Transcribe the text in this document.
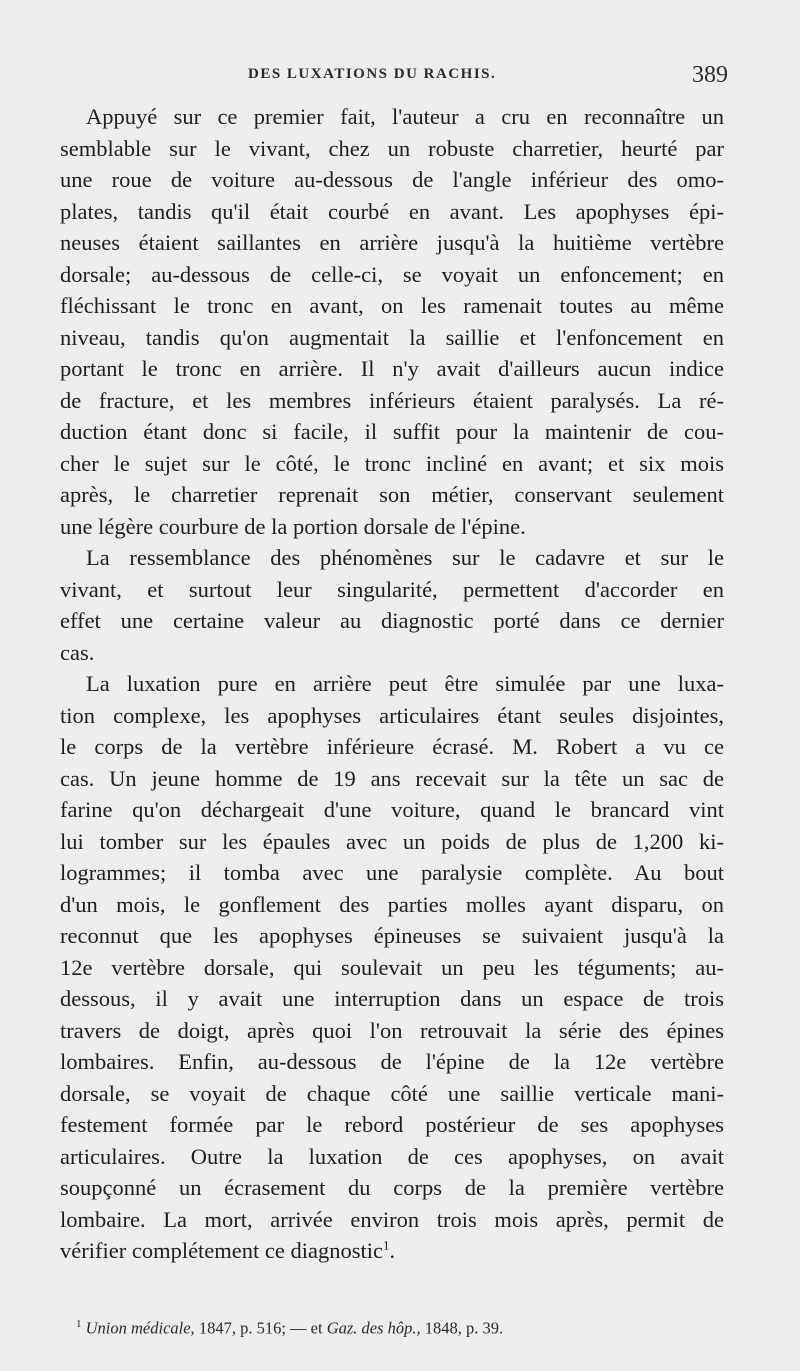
DES LUXATIONS DU RACHIS.	389
Appuyé sur ce premier fait, l'auteur a cru en reconnaître un
semblable sur le vivant, chez un robuste charretier, heurté par
une roue de voiture au-dessous de l'angle inférieur des omo-
plates, tandis qu'il était courbé en avant. Les apophyses épi-
neuses étaient saillantes en arrière jusqu'à la huitième vertèbre
dorsale; au-dessous de celle-ci, se voyait un enfoncement; en
fléchissant le tronc en avant, on les ramenait toutes au même
niveau, tandis qu'on augmentait la saillie et l'enfoncement en
portant le tronc en arrière. Il n'y avait d'ailleurs aucun indice
de fracture, et les membres inférieurs étaient paralysés. La ré-
duction étant donc si facile, il suffit pour la maintenir de cou-
cher le sujet sur le côté, le tronc incliné en avant; et six mois
après, le charretier reprenait son métier, conservant seulement
une légère courbure de la portion dorsale de l'épine.
La ressemblance des phénomènes sur le cadavre et sur le
vivant, et surtout leur singularité, permettent d'accorder en
effet une certaine valeur au diagnostic porté dans ce dernier
cas.
La luxation pure en arrière peut être simulée par une luxa-
tion complexe, les apophyses articulaires étant seules disjointes,
le corps de la vertèbre inférieure écrasé. M. Robert a vu ce
cas. Un jeune homme de 19 ans recevait sur la tête un sac de
farine qu'on déchargeait d'une voiture, quand le brancard vint
lui tomber sur les épaules avec un poids de plus de 1,200 ki-
logrammes; il tomba avec une paralysie complète. Au bout
d'un mois, le gonflement des parties molles ayant disparu, on
reconnut que les apophyses épineuses se suivaient jusqu'à la
12e vertèbre dorsale, qui soulevait un peu les téguments; au-
dessous, il y avait une interruption dans un espace de trois
travers de doigt, après quoi l'on retrouvait la série des épines
lombaires. Enfin, au-dessous de l'épine de la 12e vertèbre
dorsale, se voyait de chaque côté une saillie verticale mani-
festement formée par le rebord postérieur de ses apophyses
articulaires. Outre la luxation de ces apophyses, on avait
soupçonné un écrasement du corps de la première vertèbre
lombaire. La mort, arrivée environ trois mois après, permit de
vérifier complétement ce diagnostic$^1$.
$^1$ Union médicale, 1847, p. 516; — et Gaz. des hôp., 1848, p. 39.
